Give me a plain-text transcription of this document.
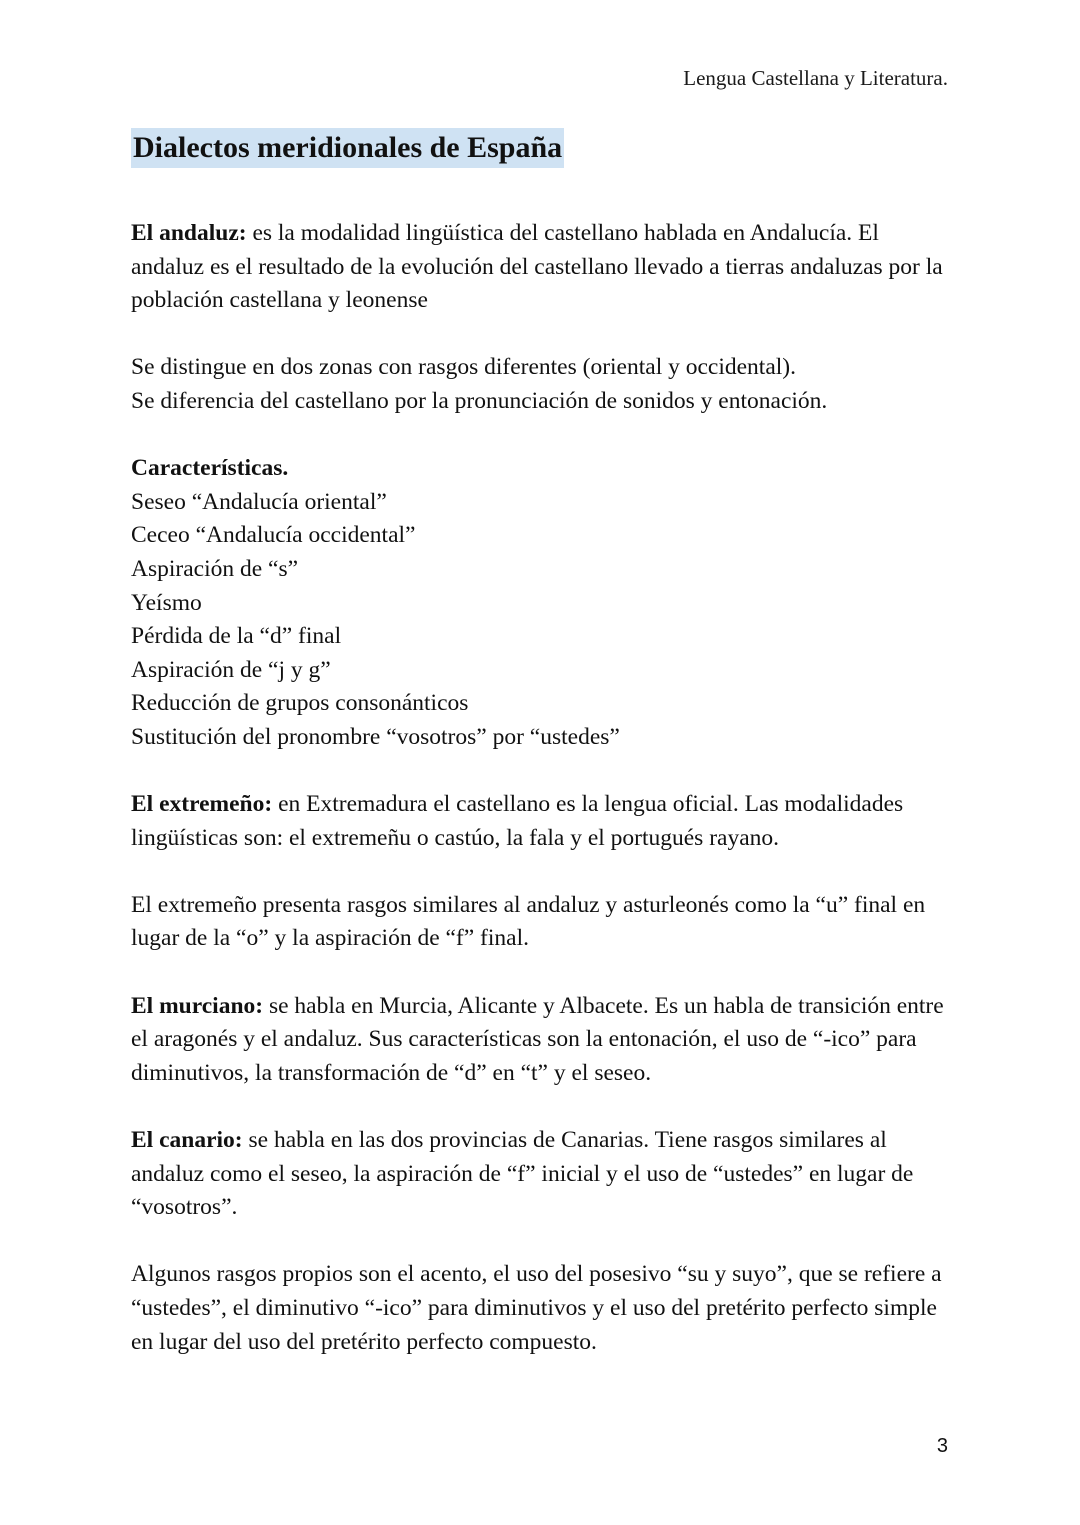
Lengua Castellana y Literatura.
Dialectos meridionales de España

El andaluz: es la modalidad lingüística del castellano hablada en Andalucía. El andaluz es el resultado de la evolución del castellano llevado a tierras andaluzas por la población castellana y leonense

Se distingue en dos zonas con rasgos diferentes (oriental y occidental).

Se diferencia del castellano por la pronunciación de sonidos y entonación.

Características.

Seseo “Andalucía oriental”
Ceceo “Andalucía occidental”
Aspiración de “s”
Yeísmo
Pérdida de la “d” final
Aspiración de “j y g”
Reducción de grupos consonánticos
Sustitución del pronombre “vosotros” por “ustedes”

El extremeño: en Extremadura el castellano es la lengua oficial. Las modalidades lingüísticas son: el extremeñu o castúo, la fala y el portugués rayano.

El extremeño presenta rasgos similares al andaluz y asturleonés como la “u” final en lugar de la “o” y la aspiración de “f” final.

El murciano: se habla en Murcia, Alicante y Albacete. Es un habla de transición entre el aragonés y el andaluz. Sus características son la entonación, el uso de “-ico” para diminutivos, la transformación de “d” en “t” y el seseo.

El canario: se habla en las dos provincias de Canarias. Tiene rasgos similares al andaluz como el seseo, la aspiración de “f” inicial y el uso de “ustedes” en lugar de “vosotros”.

Algunos rasgos propios son el acento, el uso del posesivo “su y suyo”, que se refiere a “ustedes”, el diminutivo “-ico” para diminutivos y el uso del pretérito perfecto simple en lugar del uso del pretérito perfecto compuesto.

3
